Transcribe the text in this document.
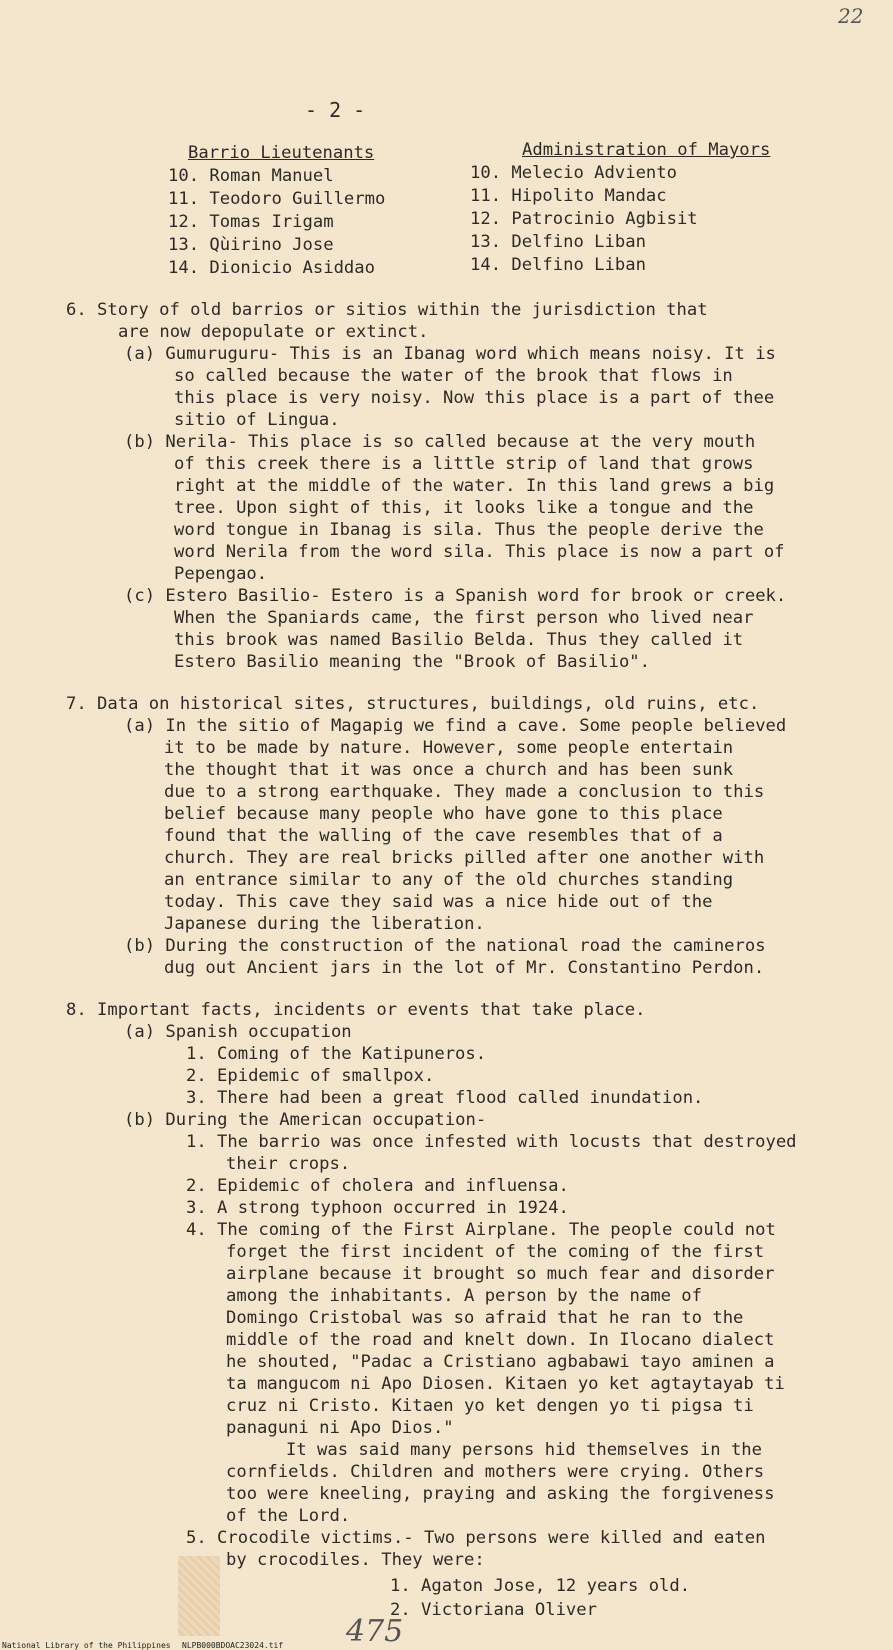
22
- 2 -
Barrio Lieutenants
10. Roman Manuel
11. Teodoro Guillermo
12. Tomas Irigam
13. Qùirino Jose
14. Dionicio Asiddao
Administration of Mayors
10. Melecio Adviento
11. Hipolito Mandac
12. Patrocinio Agbisit
13. Delfino Liban
14. Delfino Liban
6. Story of old barrios or sitios within the jurisdiction that
are now depopulate or extinct.
(a) Gumuruguru- This is an Ibanag word which means noisy. It is
so called because the water of the brook that flows in
this place is very noisy. Now this place is a part of thee
sitio of Lingua.
(b) Nerila- This place is so called because at the very mouth
of this creek there is a little strip of land that grows
right at the middle of the water. In this land grews a big
tree. Upon sight of this, it looks like a tongue and the
word tongue in Ibanag is sila. Thus the people derive the
word Nerila from the word sila. This place is now a part of
Pepengao.
(c) Estero Basilio- Estero is a Spanish word for brook or creek.
When the Spaniards came, the first person who lived near
this brook was named Basilio Belda. Thus they called it
Estero Basilio meaning the "Brook of Basilio".
7. Data on historical sites, structures, buildings, old ruins, etc.
(a) In the sitio of Magapig we find a cave. Some people believed
it to be made by nature. However, some people entertain
the thought that it was once a church and has been sunk
due to a strong earthquake. They made a conclusion to this
belief because many people who have gone to this place
found that the walling of the cave resembles that of a
church. They are real bricks pilled after one another with
an entrance similar to any of the old churches standing
today. This cave they said was a nice hide out of the
Japanese during the liberation.
(b) During the construction of the national road the camineros
dug out Ancient jars in the lot of Mr. Constantino Perdon.
8. Important facts, incidents or events that take place.
(a) Spanish occupation
1. Coming of the Katipuneros.
2. Epidemic of smallpox.
3. There had been a great flood called inundation.
(b) During the American occupation-
1. The barrio was once infested with locusts that destroyed
their crops.
2. Epidemic of cholera and influensa.
3. A strong typhoon occurred in 1924.
4. The coming of the First Airplane. The people could not
forget the first incident of the coming of the first
airplane because it brought so much fear and disorder
among the inhabitants. A person by the name of
Domingo Cristobal was so afraid that he ran to the
middle of the road and knelt down. In Ilocano dialect
he shouted, "Padac a Cristiano agbabawi tayo aminen a
ta mangucom ni Apo Diosen. Kitaen yo ket agtaytayab ti
cruz ni Cristo. Kitaen yo ket dengen yo ti pigsa ti
panaguni ni Apo Dios."
It was said many persons hid themselves in the
cornfields. Children and mothers were crying. Others
too were kneeling, praying and asking the forgiveness
of the Lord.
5. Crocodile victims.- Two persons were killed and eaten
by crocodiles. They were:
1. Agaton Jose, 12 years old.
2. Victoriana Oliver
475
National Library of the Philippines NLPB000BDOAC23024.tif
